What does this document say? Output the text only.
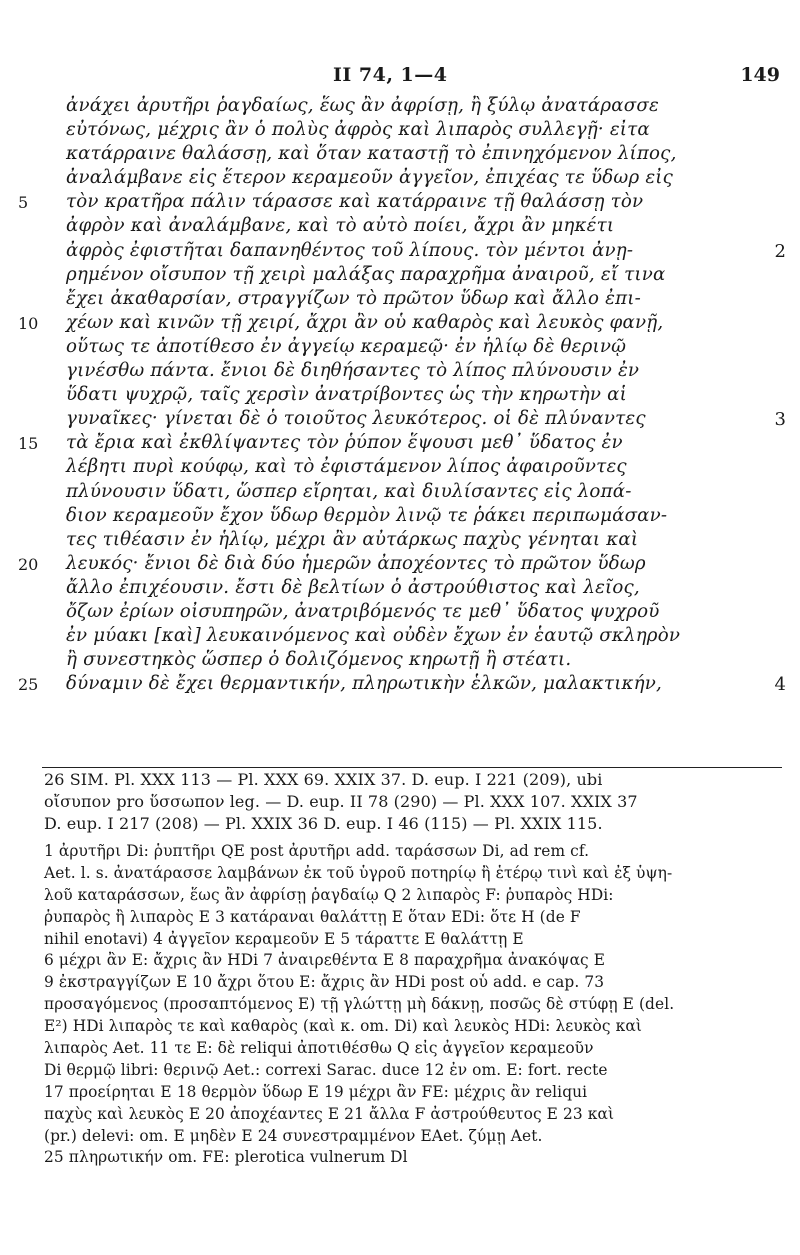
II 74, 1—4	149
ἀνάχει ἀρυτῆρι ῥαγδαίως, ἕως ἂν ἀφρίσῃ, ἢ ξύλῳ ἀνατάρασσε
εὐτόνως, μέχρις ἂν ὁ πολὺς ἀφρὸς καὶ λιπαρὸς συλλεγῇ· εἶτα
κατάρραινε θαλάσσῃ, καὶ ὅταν καταστῇ τὸ ἐπινηχόμενον λίπος,
ἀναλάμβανε εἰς ἕτερον κεραμεοῦν ἀγγεῖον, ἐπιχέας τε ὕδωρ εἰς
5 τὸν κρατῆρα πάλιν τάρασσε καὶ κατάρραινε τῇ θαλάσσῃ τὸν
ἀφρὸν καὶ ἀναλάμβανε, καὶ τὸ αὐτὸ ποίει, ἄχρι ἂν μηκέτι
ἀφρὸς ἐφιστῆται δαπανηθέντος τοῦ λίπους. τὸν μέντοι ἀνῃ-	2
ρημένον οἴσυπον τῇ χειρὶ μαλάξας παραχρῆμα ἀναιροῦ, εἴ τινα
ἔχει ἀκαθαρσίαν, στραγγίζων τὸ πρῶτον ὕδωρ καὶ ἄλλο ἐπι-
10 χέων καὶ κινῶν τῇ χειρί, ἄχρι ἂν οὗ καθαρὸς καὶ λευκὸς φανῇ,
οὕτως τε ἀποτίθεσο ἐν ἀγγείῳ κεραμεῷ· ἐν ἡλίῳ δὲ θερινῷ
γινέσθω πάντα. ἔνιοι δὲ διηθήσαντες τὸ λίπος πλύνουσιν ἐν
ὕδατι ψυχρῷ, ταῖς χερσὶν ἀνατρίβοντες ὡς τὴν κηρωτὴν αἱ
γυναῖκες· γίνεται δὲ ὁ τοιοῦτος λευκότερος. οἱ δὲ πλύναντες	3
15 τὰ ἔρια καὶ ἐκθλίψαντες τὸν ῥύπον ἕψουσι μεθ᾽ ὕδατος ἐν
λέβητι πυρὶ κούφῳ, καὶ τὸ ἐφιστάμενον λίπος ἀφαιροῦντες
πλύνουσιν ὕδατι, ὥσπερ εἴρηται, καὶ διυλίσαντες εἰς λοπά-
διον κεραμεοῦν ἔχον ὕδωρ θερμὸν λινῷ τε ῥάκει περιπωμάσαν-
τες τιθέασιν ἐν ἡλίῳ, μέχρι ἂν αὐτάρκως παχὺς γένηται καὶ
20 λευκός· ἔνιοι δὲ διὰ δύο ἡμερῶν ἀποχέοντες τὸ πρῶτον ὕδωρ
ἄλλο ἐπιχέουσιν. ἔστι δὲ βελτίων ὁ ἀστρούθιστος καὶ λεῖος,
ὄζων ἐρίων οἰσυπηρῶν, ἀνατριβόμενός τε μεθ᾽ ὕδατος ψυχροῦ
ἐν μύακι [καὶ] λευκαινόμενος καὶ οὐδὲν ἔχων ἐν ἑαυτῷ σκληρὸν
ἢ συνεστηκὸς ὥσπερ ὁ δολιζόμενος κηρωτῇ ἢ στέατι.
25 δύναμιν δὲ ἔχει θερμαντικήν, πληρωτικὴν ἑλκῶν, μαλακτικήν,	4
26 SIM. Pl. XXX 113 — Pl. XXX 69. XXIX 37. D. eup. I 221 (209), ubi
οἴσυπον pro ὕσσωπον leg. — D. eup. II 78 (290) — Pl. XXX 107. XXIX 37
D. eup. I 217 (208) — Pl. XXIX 36 D. eup. I 46 (115) — Pl. XXIX 115.
1 ἀρυτῆρι Di: ῥυπτῆρι QE post ἀρυτῆρι add. ταράσσων Di, ad rem cf.
Aet. l. s. ἀνατάρασσε λαμβάνων ἐκ τοῦ ὑγροῦ ποτηρίῳ ἢ ἑτέρῳ τινὶ καὶ ἐξ ὑψη-
λοῦ καταράσσων, ἕως ἂν ἀφρίσῃ ῥαγδαίῳ Q 2 λιπαρὸς F: ῥυπαρὸς HDi:
ῥυπαρὸς ἢ λιπαρὸς E 3 κατάραναι θαλάττῃ E ὅταν EDi: ὅτε H (de F
nihil enotavi) 4 ἀγγεῖον κεραμεοῦν E 5 τάραττε E θαλάττῃ E
6 μέχρι ἂν E: ἄχρις ἂν HDi 7 ἀναιρεθέντα E 8 παραχρῆμα ἀνακόψας E
9 ἐκστραγγίζων E 10 ἄχρι ὅτου E: ἄχρις ἂν HDi post οὗ add. e cap. 73
προσαγόμενος (προσαπτόμενος E) τῇ γλώττῃ μὴ δάκνῃ, ποσῶς δὲ στύφῃ E (del.
E²) HDi λιπαρὸς τε καὶ καθαρὸς (καὶ κ. om. Di) καὶ λευκὸς HDi: λευκὸς καὶ
λιπαρὸς Aet. 11 τε E: δὲ reliqui ἀποτιθέσθω Q εἰς ἀγγεῖον κεραμεοῦν
Di θερμῷ libri: θερινῷ Aet.: correxi Sarac. duce 12 ἐν om. E: fort. recte
17 προείρηται E 18 θερμὸν ὕδωρ E 19 μέχρι ἂν FE: μέχρις ἂν reliqui
παχὺς καὶ λευκὸς E 20 ἀποχέαντες E 21 ἄλλα F ἀστρούθευτος E 23 καὶ
(pr.) delevi: om. E μηδὲν E 24 συνεστραμμένον EAet. ζύμῃ Aet.
25 πληρωτικήν om. FE: plerotica vulnerum Dl
